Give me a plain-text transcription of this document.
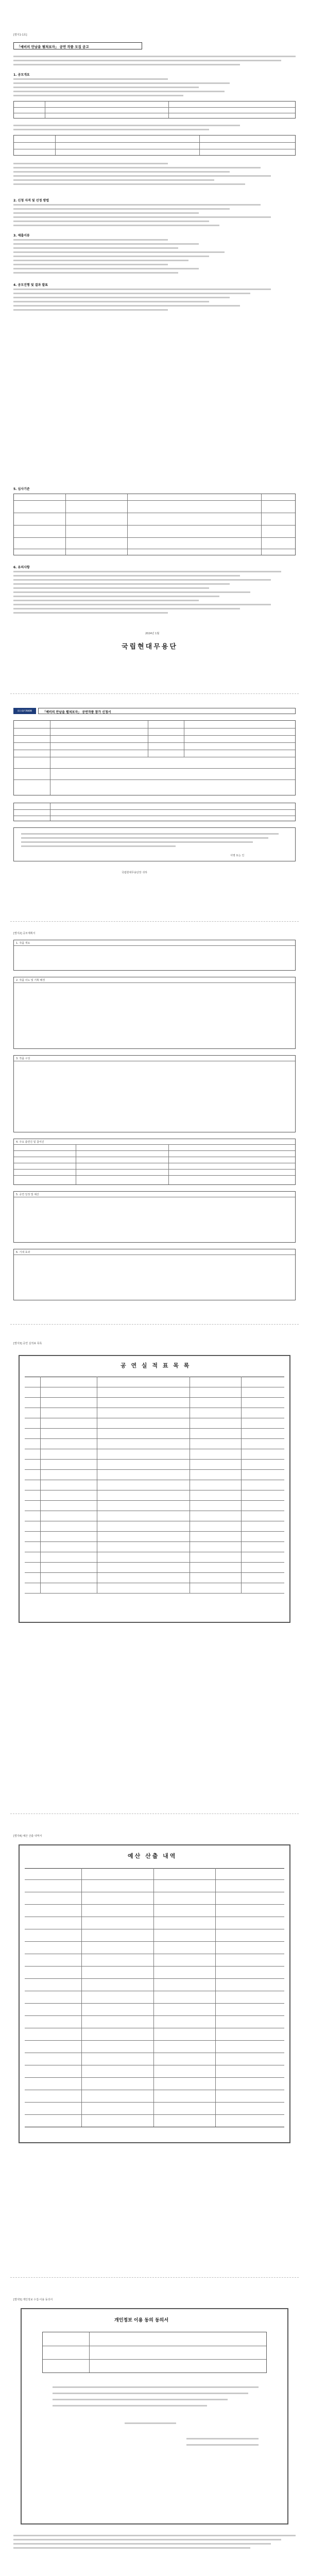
[별지1-1호]
「예비의 만남을 펼쳐보자」 공연 작품 모집 공고
1. 공모개요
2. 신청 자격 및 선정 방법
3. 제출서류
4. 공모진행 및 결과 발표
5. 심사기준
6. 유의사항
2024년 1월
국립현대무용단
国立現代舞踊團	「예비의 만남을 펼쳐보자」 공연작품 참가 신청서
서명 또는 인
국립현대무용단장 귀하
[별지2] 공모계획서
1. 작품 개요
2. 작품 의도 및 기획 배경
3. 작품 구성
4. 주요 출연진 및 참여진
5. 공연 일정 및 예산
6. 기대 효과
[별지3] 공연 실적표 목록
공 연 실 적 표 목 록
[별지4] 예산 산출 내역서
예산 산출 내역
[별지5] 개인정보 수집·이용 동의서
개인정보 이용 동의 동의서
